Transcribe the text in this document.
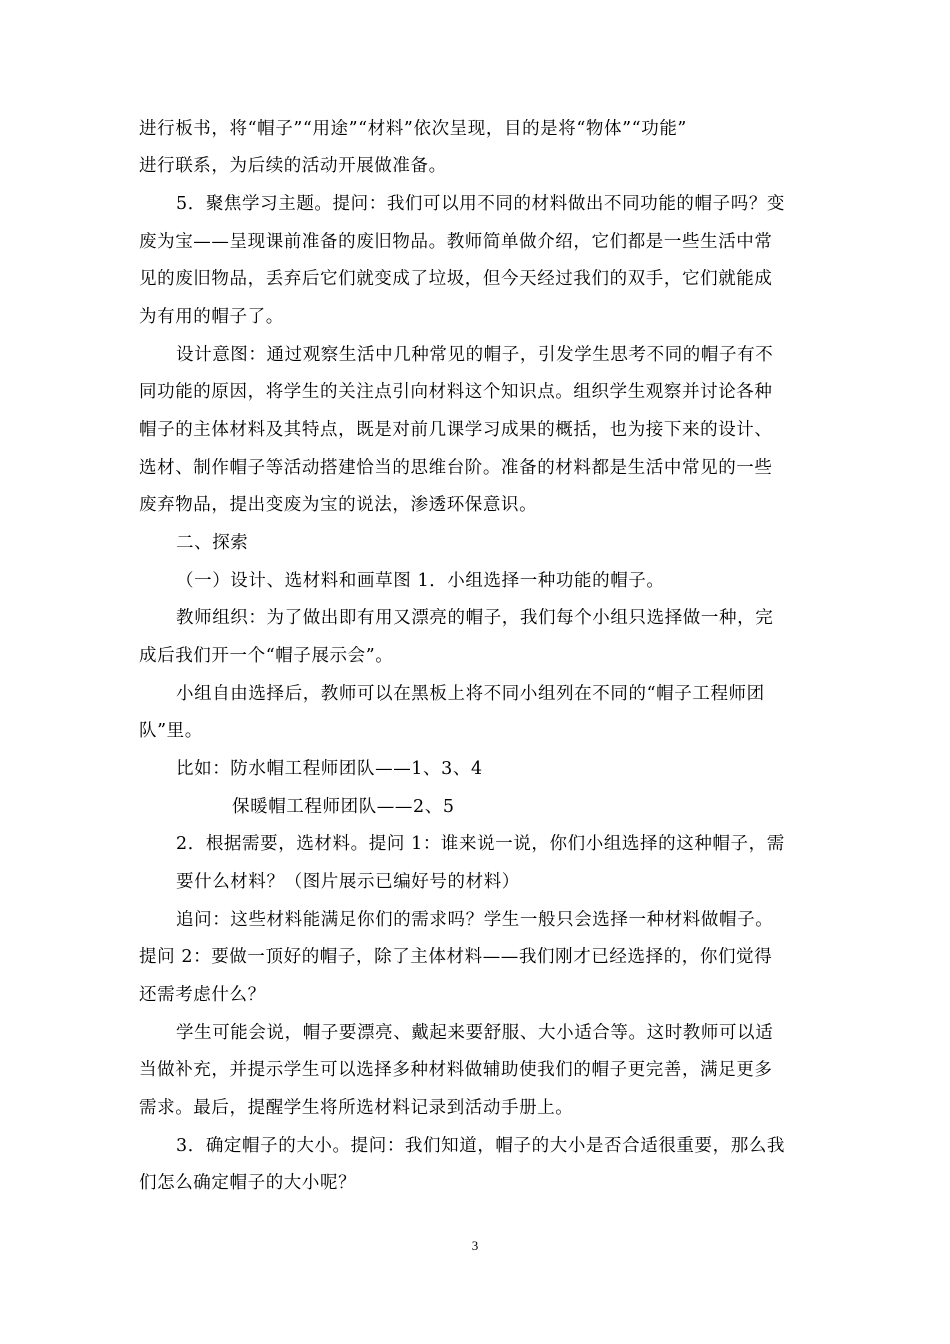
进行板书，将“帽子”“用途”“材料”依次呈现，目的是将“物体”“功能”
进行联系，为后续的活动开展做准备。
5．聚焦学习主题。提问：我们可以用不同的材料做出不同功能的帽子吗？变
废为宝——呈现课前准备的废旧物品。教师简单做介绍，它们都是一些生活中常
见的废旧物品，丢弃后它们就变成了垃圾，但今天经过我们的双手，它们就能成
为有用的帽子了。
设计意图：通过观察生活中几种常见的帽子，引发学生思考不同的帽子有不
同功能的原因，将学生的关注点引向材料这个知识点。组织学生观察并讨论各种
帽子的主体材料及其特点，既是对前几课学习成果的概括，也为接下来的设计、
选材、制作帽子等活动搭建恰当的思维台阶。准备的材料都是生活中常见的一些
废弃物品，提出变废为宝的说法，渗透环保意识。
二、探索
（一）设计、选材料和画草图 1．小组选择一种功能的帽子。
教师组织：为了做出即有用又漂亮的帽子，我们每个小组只选择做一种，完
成后我们开一个“帽子展示会”。
小组自由选择后，教师可以在黑板上将不同小组列在不同的“帽子工程师团
队”里。
比如：防水帽工程师团队——1、3、4
保暖帽工程师团队——2、5
2．根据需要，选材料。提问 1：谁来说一说，你们小组选择的这种帽子，需
要什么材料？（图片展示已编好号的材料）
追问：这些材料能满足你们的需求吗？学生一般只会选择一种材料做帽子。
提问 2：要做一顶好的帽子，除了主体材料——我们刚才已经选择的，你们觉得
还需考虑什么？
学生可能会说，帽子要漂亮、戴起来要舒服、大小适合等。这时教师可以适
当做补充，并提示学生可以选择多种材料做辅助使我们的帽子更完善，满足更多
需求。最后，提醒学生将所选材料记录到活动手册上。
3．确定帽子的大小。提问：我们知道，帽子的大小是否合适很重要，那么我
们怎么确定帽子的大小呢？
3
